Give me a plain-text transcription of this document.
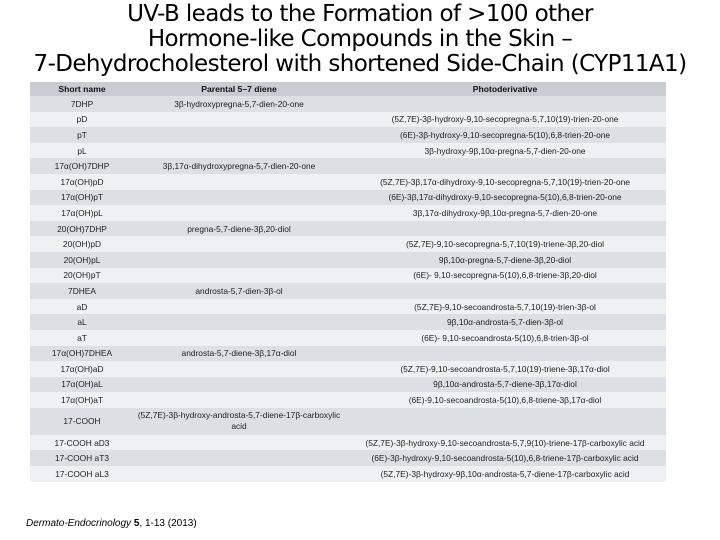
UV-B leads to the Formation of >100 other
Hormone-like Compounds in the Skin –
7-Dehydrocholesterol with shortened Side-Chain (CYP11A1)
Short name	Parental 5–7 diene	Photoderivative
7DHP	3β-hydroxypregna-5,7-dien-20-one	
pD		(5Z,7E)-3β-hydroxy-9,10-secopregna-5,7,10(19)-trien-20-one
pT		(6E)-3β-hydroxy-9,10-secopregna-5(10),6,8-trien-20-one
pL		3β-hydroxy-9β,10α-pregna-5,7-dien-20-one
17α(OH)7DHP	3β,17α-dihydroxypregna-5,7-dien-20-one	
17α(OH)pD		(5Z,7E)-3β,17α-dihydroxy-9,10-secopregna-5,7,10(19)-trien-20-one
17α(OH)pT		(6E)-3β,17α-dihydroxy-9,10-secopregna-5(10),6,8-trien-20-one
17α(OH)pL		3β,17α-dihydroxy-9β,10α-pregna-5,7-dien-20-one
20(OH)7DHP	pregna-5,7-diene-3β,20-diol	
20(OH)pD		(5Z,7E)-9,10-secopregna-5,7,10(19)-triene-3β,20-diol
20(OH)pL		9β,10α-pregna-5,7-diene-3β,20-diol
20(OH)pT		(6E)- 9,10-secopregna-5(10),6,8-triene-3β,20-diol
7DHEA	androsta-5,7-dien-3β-ol	
aD		(5Z,7E)-9,10-secoandrosta-5,7,10(19)-trien-3β-ol
aL		9β,10α-androsta-5,7-dien-3β-ol
aT		(6E)- 9,10-secoandrosta-5(10),6,8-trien-3β-ol
17α(OH)7DHEA	androsta-5,7-diene-3β,17α-diol	
17α(OH)aD		(5Z,7E)-9,10-secoandrosta-5,7,10(19)-triene-3β,17α-diol
17α(OH)aL		9β,10α-androsta-5,7-diene-3β,17α-diol
17α(OH)aT		(6E)-9,10-secoandrosta-5(10),6,8-triene-3β,17α-diol
17-COOH	(5Z,7E)-3β-hydroxy-androsta-5,7-diene-17β-carboxylic acid	
17-COOH aD3		(5Z,7E)-3β-hydroxy-9,10-secoandrosta-5,7,9(10)-triene-17β-carboxylic acid
17-COOH aT3		(6E)-3β-hydroxy-9,10-secoandrosta-5(10),6,8-triene-17β-carboxylic acid
17-COOH aL3		(5Z,7E)-3β-hydroxy-9β,10α-androsta-5,7-diene-17β-carboxylic acid
Dermato-Endocrinology 5, 1-13 (2013)
